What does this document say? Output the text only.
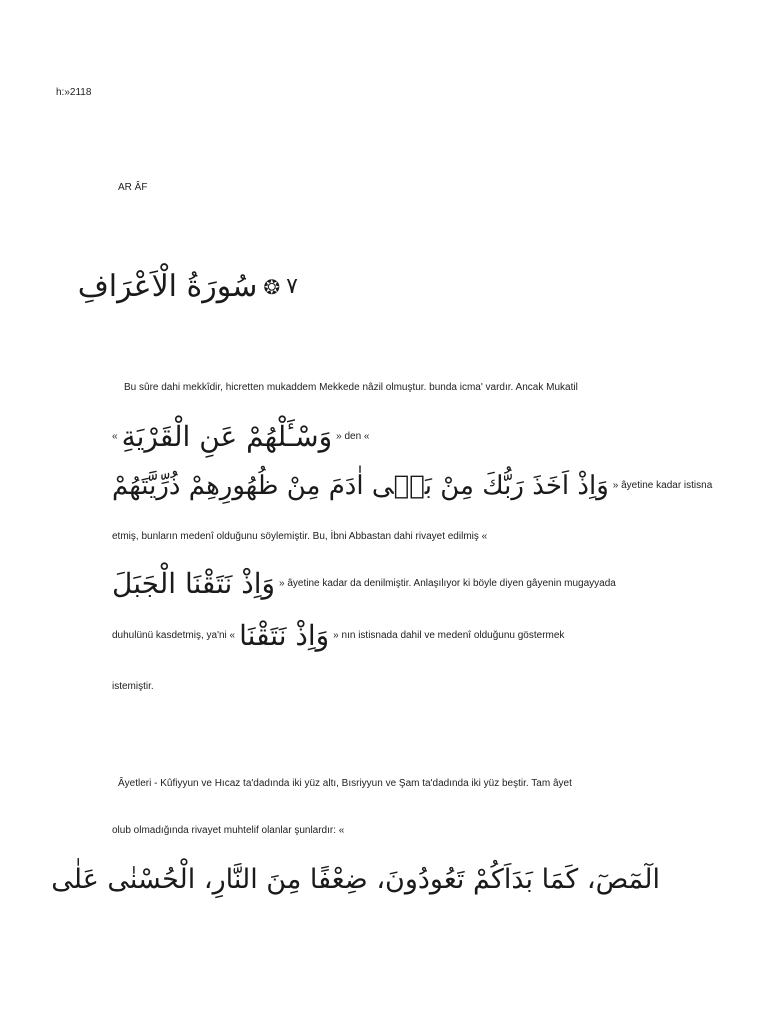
h:»2118
AR ÂF
٧
❂
سُورَةُ الْاَعْرَافِ
Bu sûre dahi mekkîdir, hicretten mukaddem Mekkede nâzil olmuştur. bunda icma' vardır. Ancak Mukatil
« وَسْـَٔلْهُمْ عَنِ الْقَرْيَةِ » den «
وَاِذْ اَخَذَ رَبُّكَ مِنْ بَنٖى اٰدَمَ مِنْ ظُهُورِهِمْ ذُرِّيَّتَهُمْ » âyetine kadar istisna
etmiş, bunların medenî olduğunu söylemiştir. Bu, İbni Abbastan dahi rivayet edilmiş «
وَاِذْ نَتَقْنَا الْجَبَلَ » âyetine kadar da denilmiştir. Anlaşılıyor ki böyle diyen gâyenin mugayyada
duhulünü kasdetmiş, ya'ni « وَاِذْ نَتَقْنَا » nın istisnada dahil ve medenî olduğunu göstermek
istemiştir.
Âyetleri - Kûfiyyun ve Hıcaz ta'dadında iki yüz altı, Bısriyyun ve Şam ta'dadında iki yüz beştir. Tam âyet
olub olmadığında rivayet muhtelif olanlar şunlardır: «
الٓمٓصٓ، كَمَا بَدَاَكُمْ تَعُودُونَ، ضِعْفًا مِنَ النَّارِ، الْحُسْنٰى عَلٰى
